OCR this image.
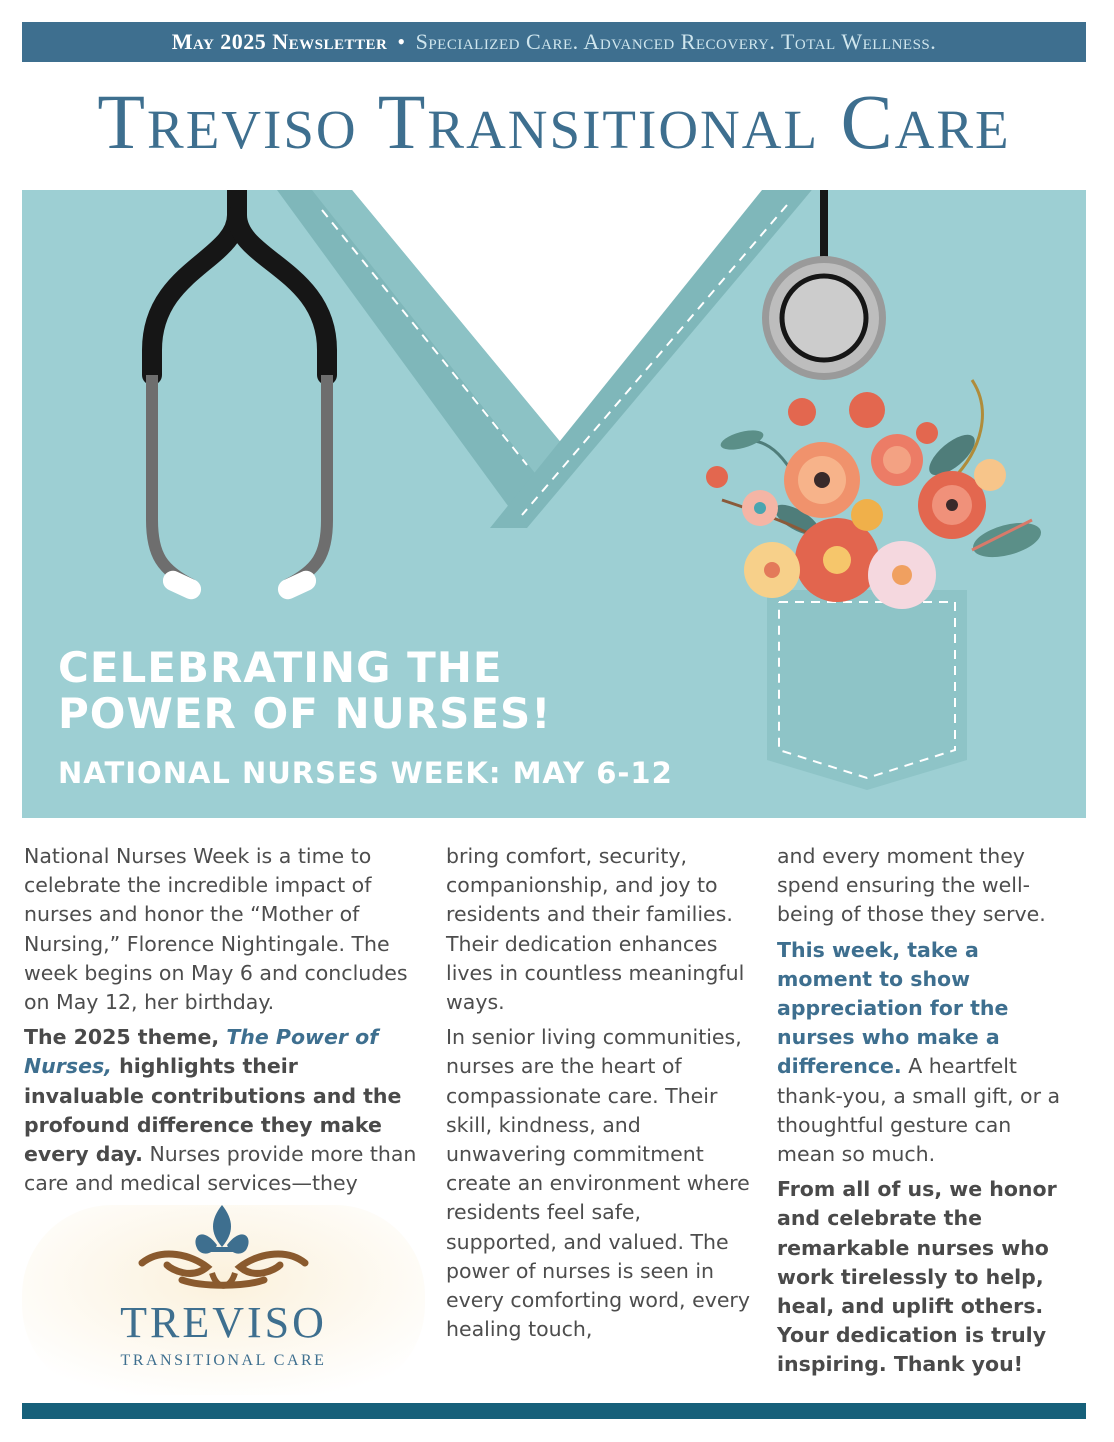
May 2025 Newsletter • Specialized Care. Advanced Recovery. Total Wellness.
Treviso Transitional Care
CELEBRATING THE
POWER OF NURSES!
NATIONAL NURSES WEEK: MAY 6-12

National Nurses Week is a time to celebrate the incredible impact of nurses and honor the “Mother of Nursing,” Florence Nightingale. The week begins on May 6 and concludes on May 12, her birthday.

The 2025 theme, The Power of Nurses, highlights their invaluable contributions and the profound difference they make every day. Nurses provide more than care and medical services—they

bring comfort, security, companionship, and joy to residents and their families. Their dedication enhances lives in countless meaningful ways.

In senior living communities, nurses are the heart of compassionate care. Their skill, kindness, and unwavering commitment create an environment where residents feel safe, supported, and valued. The power of nurses is seen in every comforting word, every healing touch,

and every moment they spend ensuring the well-being of those they serve.

This week, take a moment to show appreciation for the nurses who make a difference. A heartfelt thank-you, a small gift, or a thoughtful gesture can mean so much.

From all of us, we honor and celebrate the remarkable nurses who work tirelessly to help, heal, and uplift others. Your dedication is truly inspiring. Thank you!

TREVISO
TRANSITIONAL CARE
